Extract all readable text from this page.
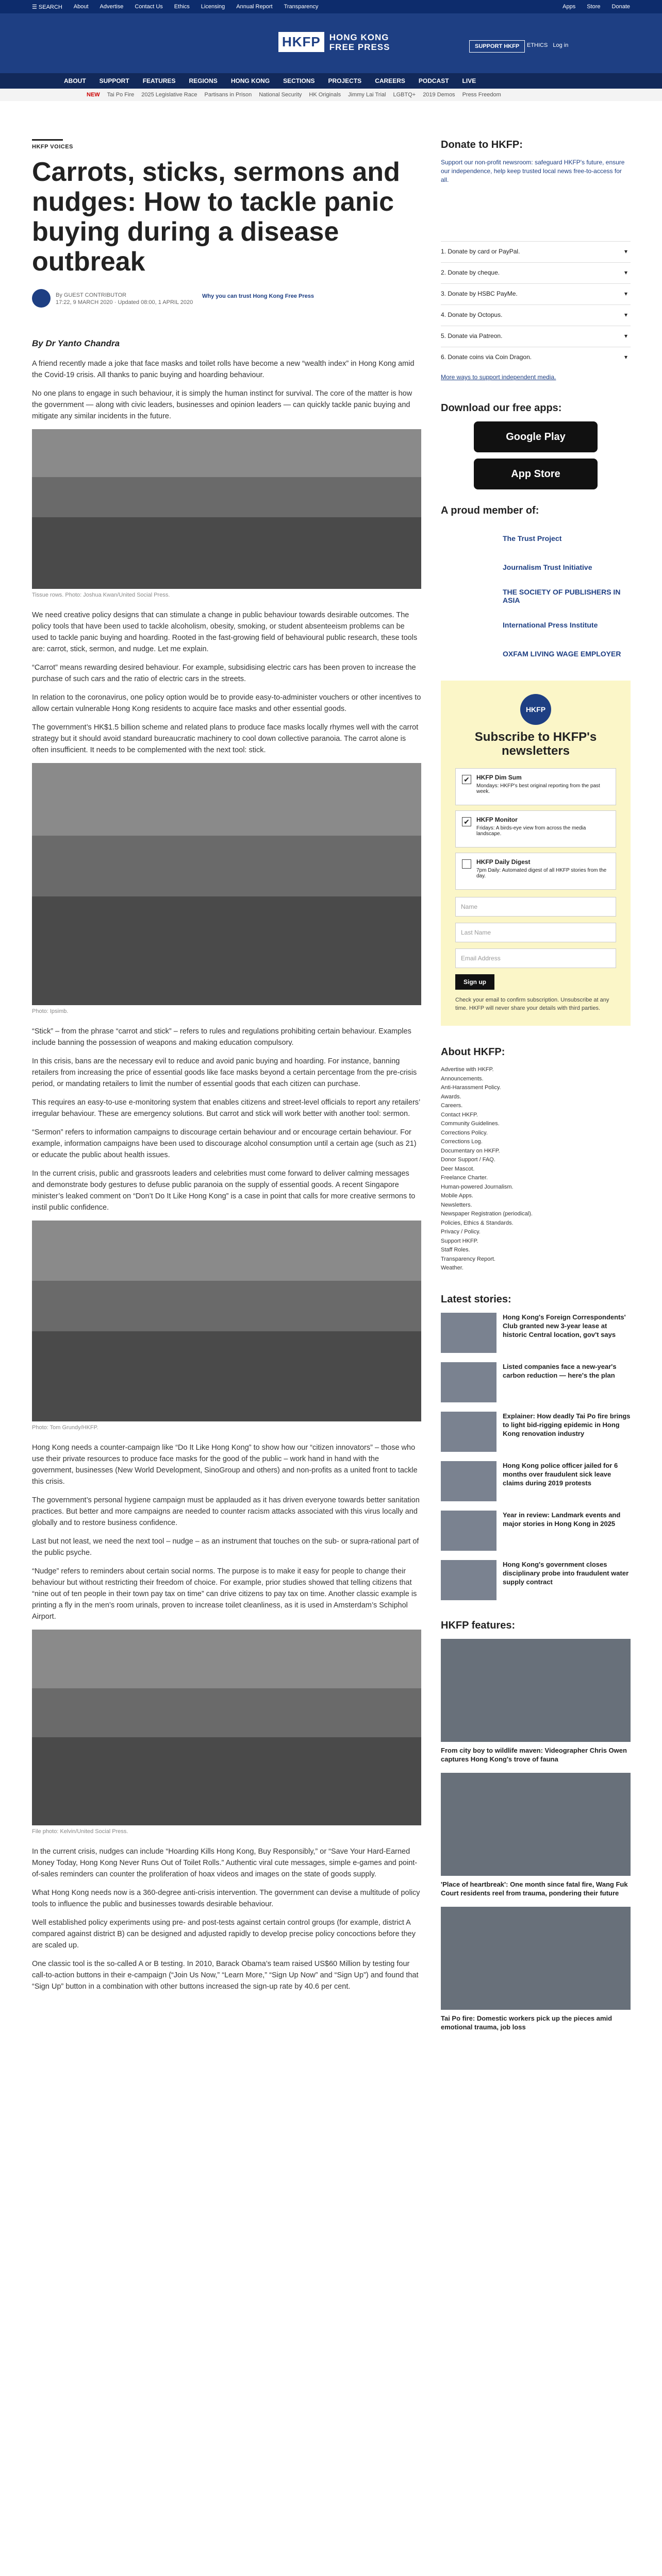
☰ SEARCH About Advertise Contact Us Ethics Licensing Annual Report Transparency	Apps Store Donate
HKFP	HONG KONG
FREE PRESS	SUPPORT HKFP	ETHICS Log in
ABOUT SUPPORT FEATURES REGIONS HONG KONG SECTIONS PROJECTS CAREERS PODCAST LIVE
NEW Tai Po Fire 2025 Legislative Race Partisans in Prison National Security HK Originals Jimmy Lai Trial LGBTQ+ 2019 Demos Press Freedom
HKFP VOICES
Carrots, sticks, sermons and nudges: How to tackle panic buying during a disease outbreak
By GUEST CONTRIBUTOR
17:22, 9 MARCH 2020 · Updated 08:00, 1 APRIL 2020
Why you can trust Hong Kong Free Press
By Dr Yanto Chandra

A friend recently made a joke that face masks and toilet rolls have become a new “wealth index” in Hong Kong amid the Covid-19 crisis. All thanks to panic buying and hoarding behaviour.

No one plans to engage in such behaviour, it is simply the human instinct for survival. The core of the matter is how the government — along with civic leaders, businesses and opinion leaders — can quickly tackle panic buying and mitigate any similar incidents in the future.

Tissue rows. Photo: Joshua Kwan/United Social Press.

We need creative policy designs that can stimulate a change in public behaviour towards desirable outcomes. The policy tools that have been used to tackle alcoholism, obesity, smoking, or student absenteeism problems can be used to tackle panic buying and hoarding. Rooted in the fast-growing field of behavioural public research, these tools are: carrot, stick, sermon, and nudge. Let me explain.

“Carrot” means rewarding desired behaviour. For example, subsidising electric cars has been proven to increase the purchase of such cars and the ratio of electric cars in the streets.

In relation to the coronavirus, one policy option would be to provide easy-to-administer vouchers or other incentives to allow certain vulnerable Hong Kong residents to acquire face masks and other essential goods.

The government’s HK$1.5 billion scheme and related plans to produce face masks locally rhymes well with the carrot strategy but it should avoid standard bureaucratic machinery to cool down collective paranoia. The carrot alone is often insufficient. It needs to be complemented with the next tool: stick.

Photo: Ipsimb.

“Stick” – from the phrase “carrot and stick” – refers to rules and regulations prohibiting certain behaviour. Examples include banning the possession of weapons and making education compulsory.

In this crisis, bans are the necessary evil to reduce and avoid panic buying and hoarding. For instance, banning retailers from increasing the price of essential goods like face masks beyond a certain percentage from the pre-crisis period, or mandating retailers to limit the number of essential goods that each citizen can purchase.

This requires an easy-to-use e-monitoring system that enables citizens and street-level officials to report any retailers’ irregular behaviour. These are emergency solutions. But carrot and stick will work better with another tool: sermon.

“Sermon” refers to information campaigns to discourage certain behaviour and or encourage certain behaviour. For example, information campaigns have been used to discourage alcohol consumption until a certain age (such as 21) or educate the public about health issues.

In the current crisis, public and grassroots leaders and celebrities must come forward to deliver calming messages and demonstrate body gestures to defuse public paranoia on the supply of essential goods. A recent Singapore minister’s leaked comment on “Don’t Do It Like Hong Kong” is a case in point that calls for more creative sermons to instil public confidence.

Photo: Tom Grundy/HKFP.

Hong Kong needs a counter-campaign like “Do It Like Hong Kong” to show how our “citizen innovators” – those who use their private resources to produce face masks for the good of the public – work hand in hand with the government, businesses (New World Development, SinoGroup and others) and non-profits as a united front to tackle this crisis.

The government’s personal hygiene campaign must be applauded as it has driven everyone towards better sanitation practices. But better and more campaigns are needed to counter racism attacks associated with this virus locally and globally and to restore business confidence.

Last but not least, we need the next tool – nudge – as an instrument that touches on the sub- or supra-rational part of the public psyche.

“Nudge” refers to reminders about certain social norms. The purpose is to make it easy for people to change their behaviour but without restricting their freedom of choice. For example, prior studies showed that telling citizens that “nine out of ten people in their town pay tax on time” can drive citizens to pay tax on time. Another classic example is printing a fly in the men’s room urinals, proven to increase toilet cleanliness, as it is used in Amsterdam’s Schiphol Airport.

File photo: Kelvin/United Social Press.

In the current crisis, nudges can include “Hoarding Kills Hong Kong, Buy Responsibly,” or “Save Your Hard-Earned Money Today, Hong Kong Never Runs Out of Toilet Rolls.” Authentic viral cute messages, simple e-games and point-of-sales reminders can counter the proliferation of hoax videos and images on the state of goods supply.

What Hong Kong needs now is a 360-degree anti-crisis intervention. The government can devise a multitude of policy tools to influence the public and businesses towards desirable behaviour.

Well established policy experiments using pre- and post-tests against certain control groups (for example, district A compared against district B) can be designed and adjusted rapidly to develop precise policy concoctions before they are scaled up.

One classic tool is the so-called A or B testing. In 2010, Barack Obama’s team raised US$60 Million by testing four call-to-action buttons in their e-campaign (“Join Us Now,” “Learn More,” “Sign Up Now” and “Sign Up”) and found that “Sign Up” button in a combination with other buttons increased the sign-up rate by 40.6 per cent.

Donate to HKFP:

Support our non-profit newsroom: safeguard HKFP's future, ensure our independence, help keep trusted local news free-to-access for all.

1. Donate by card or PayPal.	▾
2. Donate by cheque.	▾
3. Donate by HSBC PayMe.	▾
4. Donate by Octopus.	▾
5. Donate via Patreon.	▾
6. Donate coins via Coin Dragon.	▾

More ways to support independent media.

Download our free apps:
Google Play
App Store
A proud member of:
The Trust Project
Journalism Trust Initiative
THE SOCIETY OF PUBLISHERS IN ASIA
International Press Institute
OXFAM LIVING WAGE EMPLOYER
HKFP
Subscribe to HKFP's newsletters
✔ HKFP Dim Sum
Mondays: HKFP's best original reporting from the past week.
✔ HKFP Monitor
Fridays: A birds-eye view from across the media landscape.
HKFP Daily Digest
7pm Daily: Automated digest of all HKFP stories from the day.
Name
Last Name
Email Address
Sign up

Check your email to confirm subscription. Unsubscribe at any time. HKFP will never share your details with third parties.

About HKFP:
Advertise with HKFP.
Announcements.
Anti-Harassment Policy.
Awards.
Careers.
Contact HKFP.
Community Guidelines.
Corrections Policy.
Corrections Log.
Documentary on HKFP.
Donor Support / FAQ.
Deer Mascot.
Freelance Charter.
Human-powered Journalism.
Mobile Apps.
Newsletters.
Newspaper Registration (periodical).
Policies, Ethics & Standards.
Privacy / Policy.
Support HKFP.
Staff Roles.
Transparency Report.
Weather.
Latest stories:
Hong Kong's Foreign Correspondents' Club granted new 3-year lease at historic Central location, gov't says
Listed companies face a new-year's carbon reduction — here's the plan
Explainer: How deadly Tai Po fire brings to light bid-rigging epidemic in Hong Kong renovation industry
Hong Kong police officer jailed for 6 months over fraudulent sick leave claims during 2019 protests
Year in review: Landmark events and major stories in Hong Kong in 2025
Hong Kong's government closes disciplinary probe into fraudulent water supply contract
HKFP features:
From city boy to wildlife maven: Videographer Chris Owen captures Hong Kong's trove of fauna
'Place of heartbreak': One month since fatal fire, Wang Fuk Court residents reel from trauma, pondering their future
Tai Po fire: Domestic workers pick up the pieces amid emotional trauma, job loss
